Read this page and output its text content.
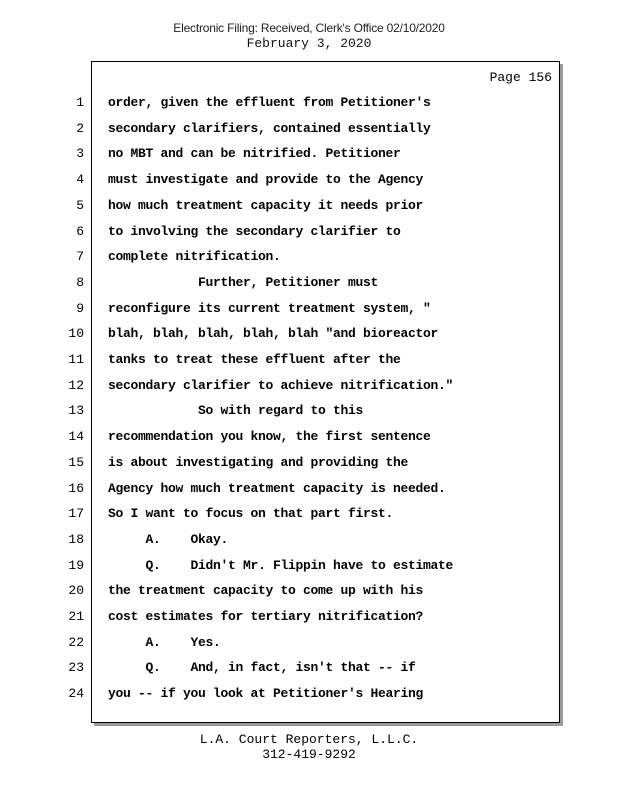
Electronic Filing: Received, Clerk's Office 02/10/2020
February 3, 2020
Page 156
1 order, given the effluent from Petitioner's
2 secondary clarifiers, contained essentially
3 no MBT and can be nitrified. Petitioner
4 must investigate and provide to the Agency
5 how much treatment capacity it needs prior
6 to involving the secondary clarifier to
7 complete nitrification.
8 Further, Petitioner must
9 reconfigure its current treatment system, "
10 blah, blah, blah, blah, blah "and bioreactor
11 tanks to treat these effluent after the
12 secondary clarifier to achieve nitrification."
13 So with regard to this
14 recommendation you know, the first sentence
15 is about investigating and providing the
16 Agency how much treatment capacity is needed.
17 So I want to focus on that part first.
18 A.    Okay.
19 Q.    Didn't Mr. Flippin have to estimate
20 the treatment capacity to come up with his
21 cost estimates for tertiary nitrification?
22 A.    Yes.
23 Q.    And, in fact, isn't that -- if
24 you -- if you look at Petitioner's Hearing
L.A. Court Reporters, L.L.C.
312-419-9292
